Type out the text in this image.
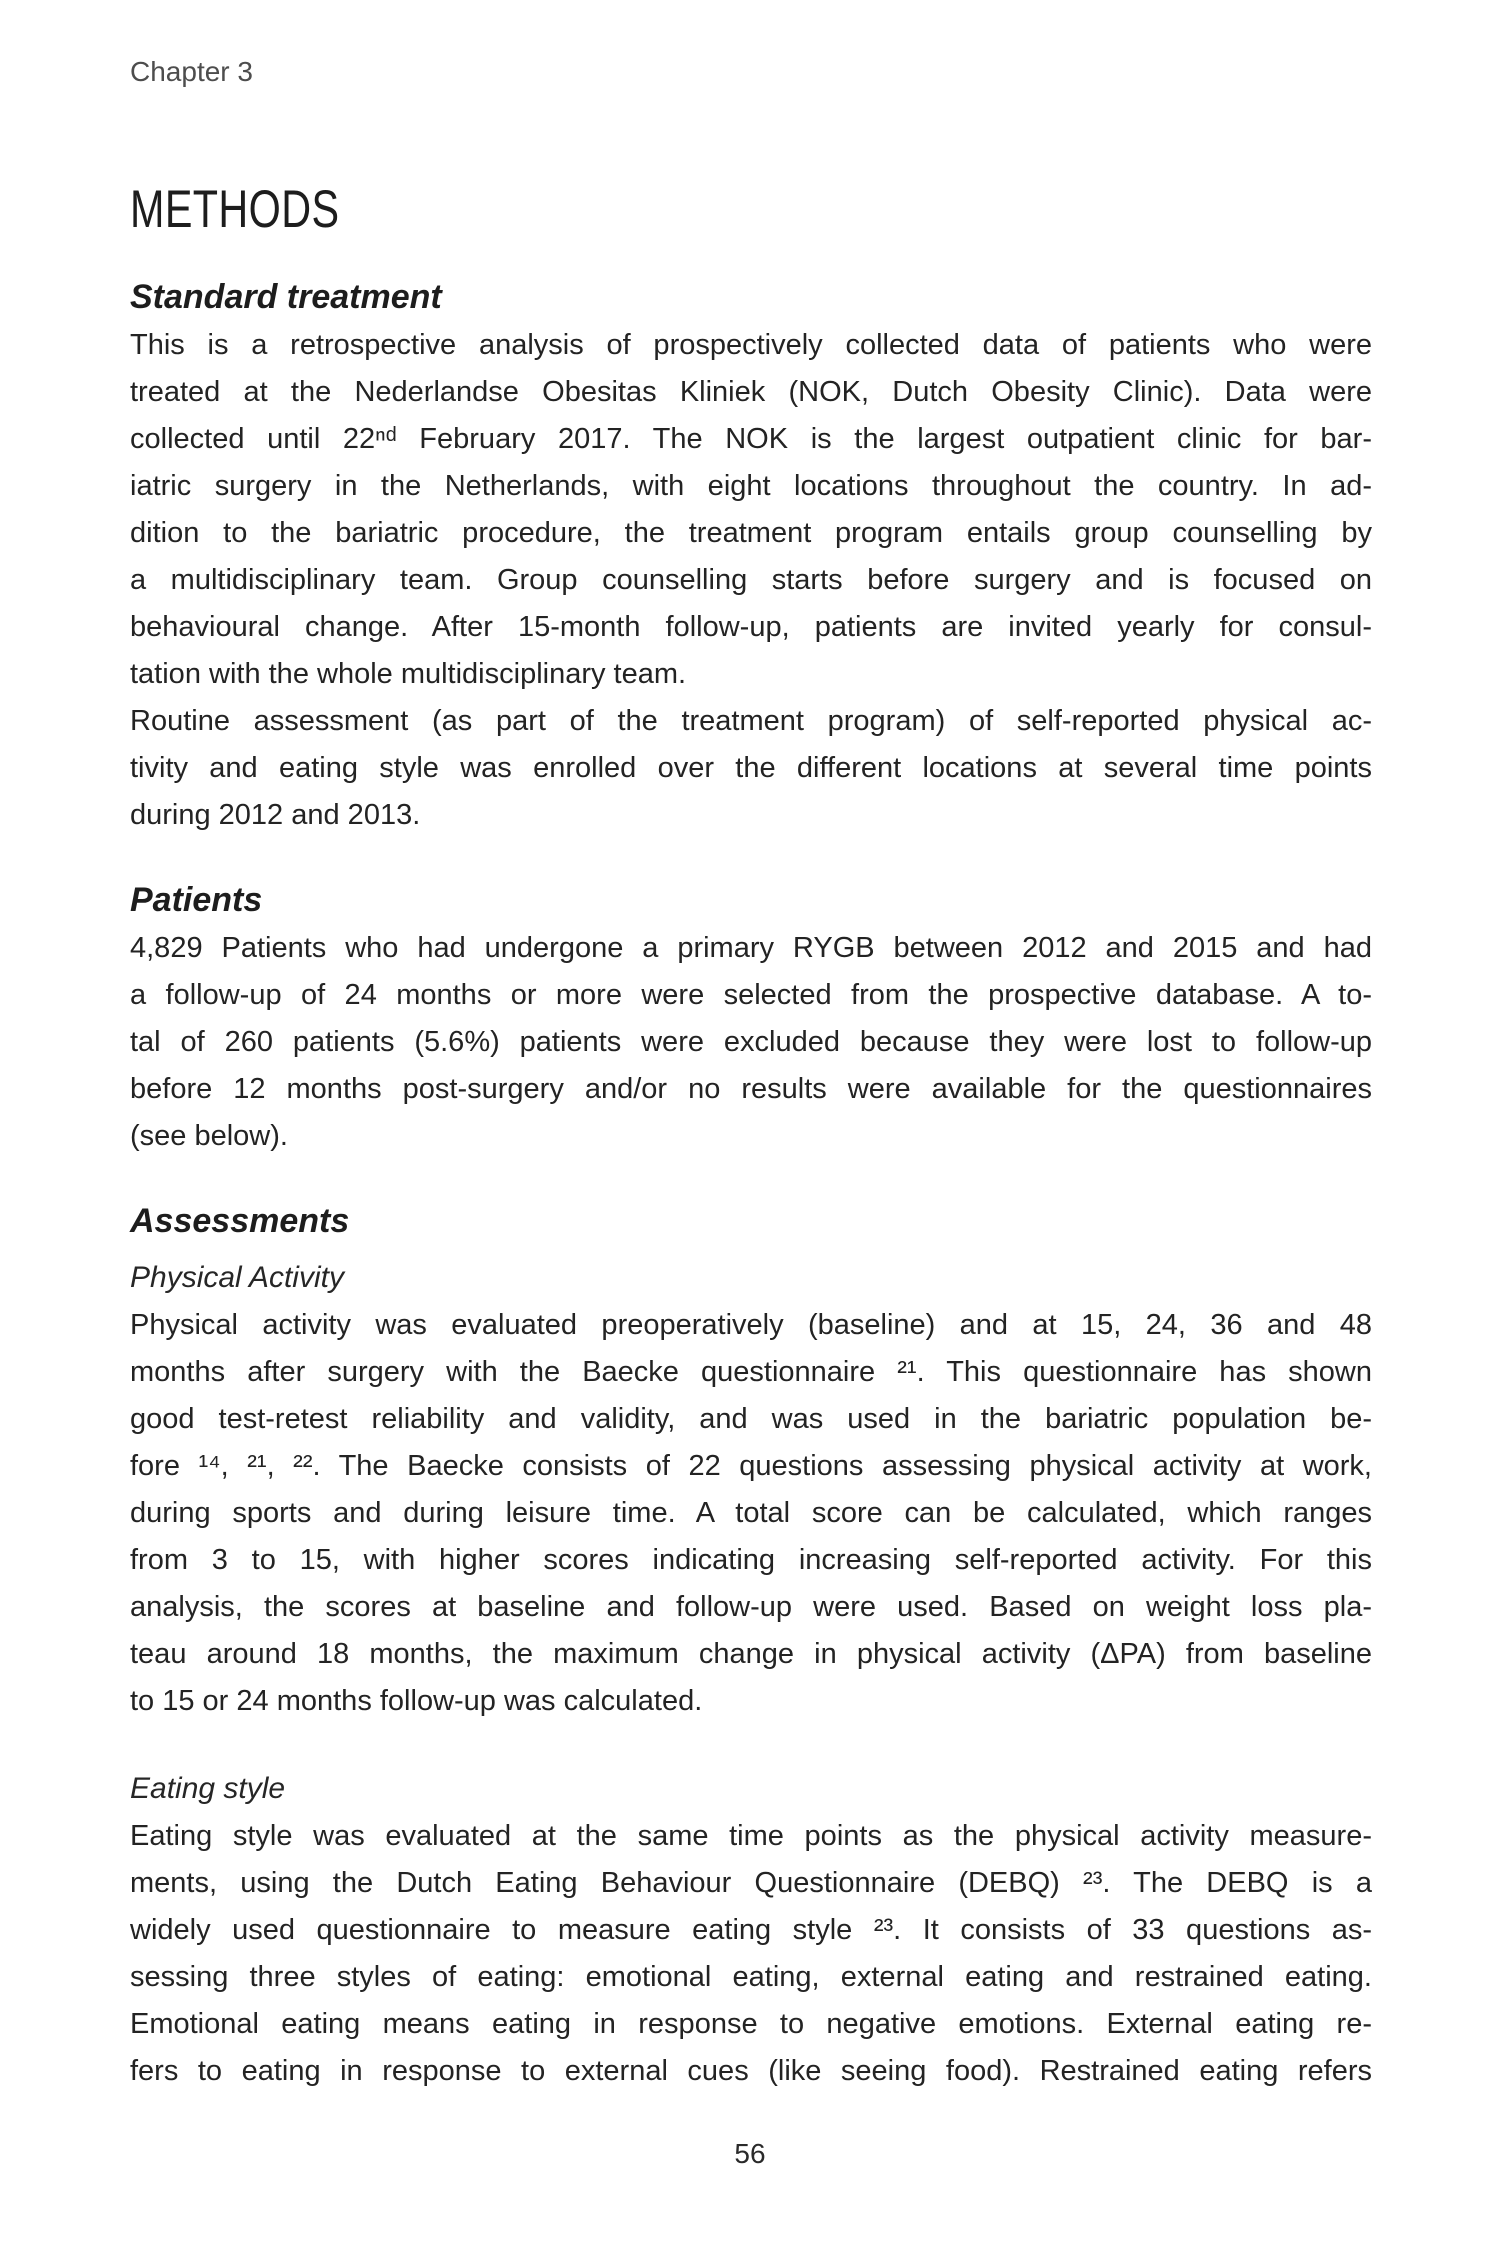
Chapter 3
METHODS
Standard treatment
This is a retrospective analysis of prospectively collected data of patients who were
treated at the Nederlandse Obesitas Kliniek (NOK, Dutch Obesity Clinic). Data were
collected until 22ⁿᵈ February 2017. The NOK is the largest outpatient clinic for bar-
iatric surgery in the Netherlands, with eight locations throughout the country. In ad-
dition to the bariatric procedure, the treatment program entails group counselling by
a multidisciplinary team. Group counselling starts before surgery and is focused on
behavioural change. After 15-month follow-up, patients are invited yearly for consul-
tation with the whole multidisciplinary team.
Routine assessment (as part of the treatment program) of self-reported physical ac-
tivity and eating style was enrolled over the different locations at several time points
during 2012 and 2013.
Patients
4,829 Patients who had undergone a primary RYGB between 2012 and 2015 and had
a follow-up of 24 months or more were selected from the prospective database. A to-
tal of 260 patients (5.6%) patients were excluded because they were lost to follow-up
before 12 months post-surgery and/or no results were available for the questionnaires
(see below).
Assessments
Physical Activity
Physical activity was evaluated preoperatively (baseline) and at 15, 24, 36 and 48
months after surgery with the Baecke questionnaire ²¹. This questionnaire has shown
good test-retest reliability and validity, and was used in the bariatric population be-
fore ¹⁴, ²¹, ²². The Baecke consists of 22 questions assessing physical activity at work,
during sports and during leisure time. A total score can be calculated, which ranges
from 3 to 15, with higher scores indicating increasing self-reported activity. For this
analysis, the scores at baseline and follow-up were used. Based on weight loss pla-
teau around 18 months, the maximum change in physical activity (ΔPA) from baseline
to 15 or 24 months follow-up was calculated.
Eating style
Eating style was evaluated at the same time points as the physical activity measure-
ments, using the Dutch Eating Behaviour Questionnaire (DEBQ) ²³. The DEBQ is a
widely used questionnaire to measure eating style ²³. It consists of 33 questions as-
sessing three styles of eating: emotional eating, external eating and restrained eating.
Emotional eating means eating in response to negative emotions. External eating re-
fers to eating in response to external cues (like seeing food). Restrained eating refers
56
